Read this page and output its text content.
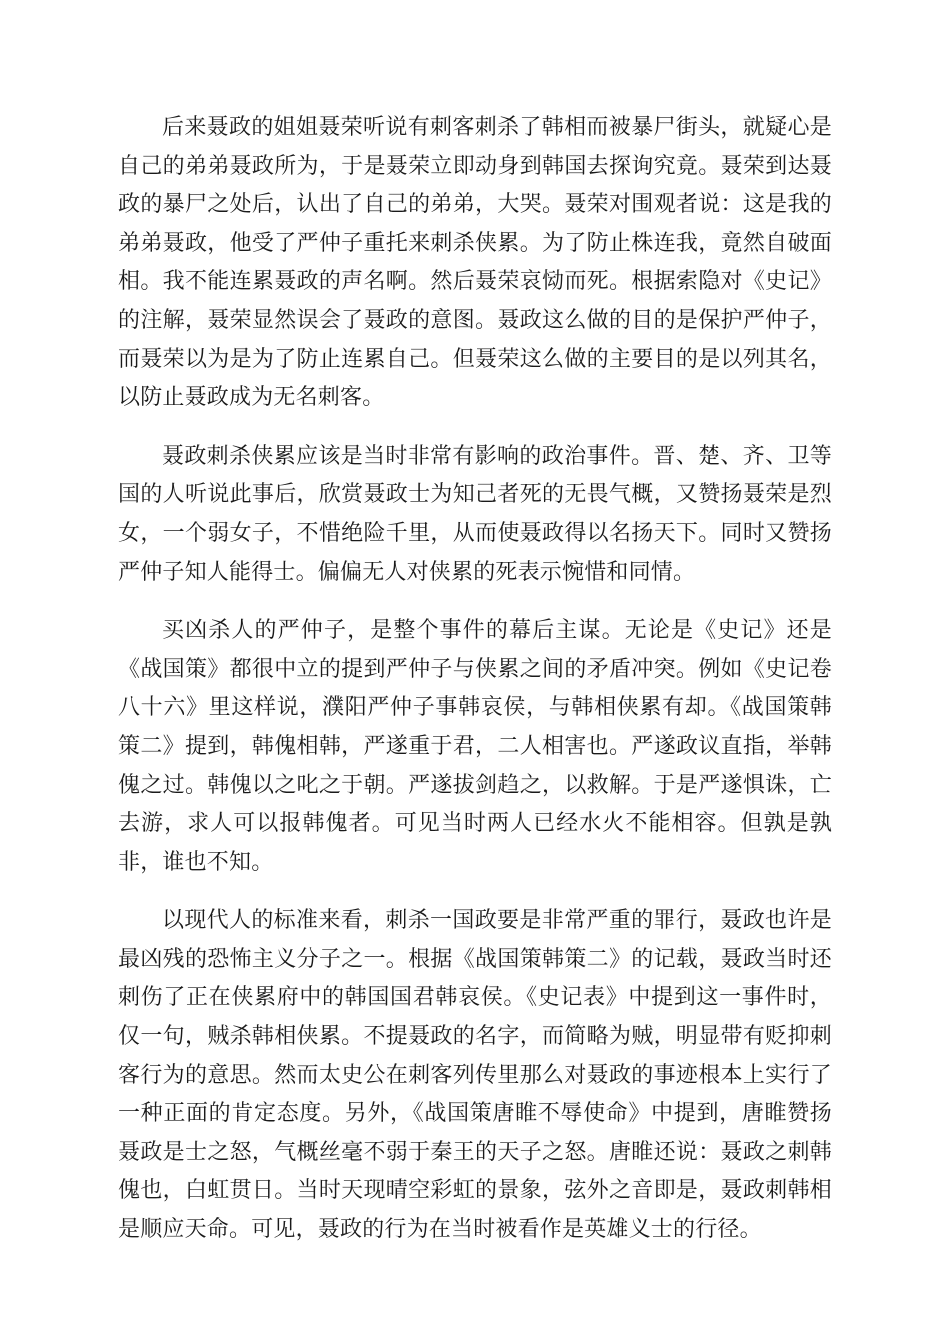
后来聂政的姐姐聂荣听说有刺客刺杀了韩相而被暴尸街头，就疑心是自己的弟弟聂政所为，于是聂荣立即动身到韩国去探询究竟。聂荣到达聂政的暴尸之处后，认出了自己的弟弟，大哭。聂荣对围观者说：这是我的弟弟聂政，他受了严仲子重托来刺杀侠累。为了防止株连我，竟然自破面相。我不能连累聂政的声名啊。然后聂荣哀恸而死。根据索隐对《史记》的注解，聂荣显然误会了聂政的意图。聂政这么做的目的是保护严仲子，而聂荣以为是为了防止连累自己。但聂荣这么做的主要目的是以列其名，以防止聂政成为无名刺客。

聂政刺杀侠累应该是当时非常有影响的政治事件。晋、楚、齐、卫等国的人听说此事后，欣赏聂政士为知己者死的无畏气概，又赞扬聂荣是烈女，一个弱女子，不惜绝险千里，从而使聂政得以名扬天下。同时又赞扬严仲子知人能得士。偏偏无人对侠累的死表示惋惜和同情。

买凶杀人的严仲子，是整个事件的幕后主谋。无论是《史记》还是《战国策》都很中立的提到严仲子与侠累之间的矛盾冲突。例如《史记卷八十六》里这样说，濮阳严仲子事韩哀侯，与韩相侠累有却。《战国策韩策二》提到，韩傀相韩，严遂重于君，二人相害也。严遂政议直指，举韩傀之过。韩傀以之叱之于朝。严遂拔剑趋之，以救解。于是严遂惧诛，亡去游，求人可以报韩傀者。可见当时两人已经水火不能相容。但孰是孰非，谁也不知。

以现代人的标准来看，刺杀一国政要是非常严重的罪行，聂政也许是最凶残的恐怖主义分子之一。根据《战国策韩策二》的记载，聂政当时还刺伤了正在侠累府中的韩国国君韩哀侯。《史记表》中提到这一事件时，仅一句，贼杀韩相侠累。不提聂政的名字，而简略为贼，明显带有贬抑刺客行为的意思。然而太史公在刺客列传里那么对聂政的事迹根本上实行了一种正面的肯定态度。另外，《战国策唐睢不辱使命》中提到，唐睢赞扬聂政是士之怒，气概丝毫不弱于秦王的天子之怒。唐睢还说：聂政之刺韩傀也，白虹贯日。当时天现晴空彩虹的景象，弦外之音即是，聂政刺韩相是顺应天命。可见，聂政的行为在当时被看作是英雄义士的行径。
